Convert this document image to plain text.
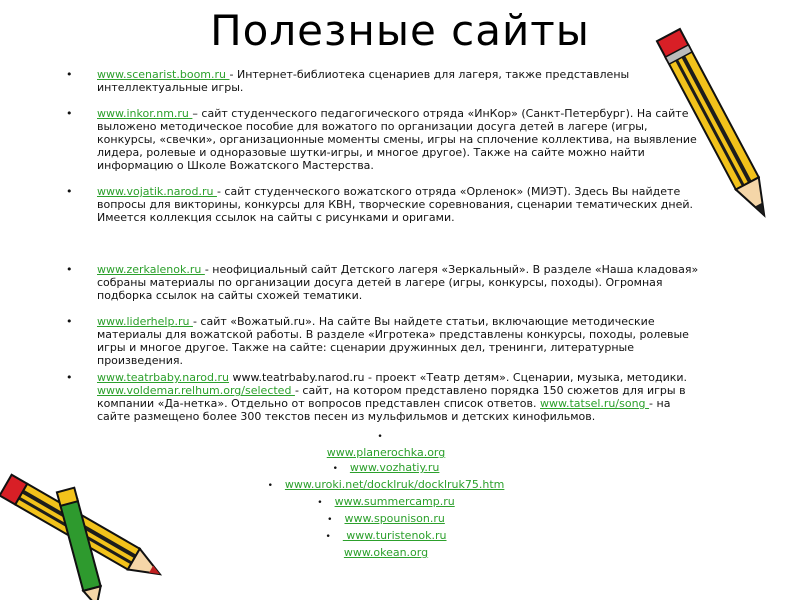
Полезные сайты
• www.scenarist.boom.ru - Интернет-библиотека сценариев для лагеря, также представлены интеллектуальные игры.
• www.inkor.nm.ru – сайт студенческого педагогического отряда «ИнКор» (Санкт-Петербург). На сайте выложено методическое пособие для вожатого по организации досуга детей в лагере (игры, конкурсы, «свечки», организационные моменты смены, игры на сплочение коллектива, на выявление лидера, ролевые и одноразовые шутки-игры, и многое другое). Также на сайте можно найти информацию о Школе Вожатского Мастерства.
• www.vojatik.narod.ru - сайт студенческого вожатского отряда «Орленок» (МИЭТ). Здесь Вы найдете вопросы для викторины, конкурсы для КВН, творческие соревнования, сценарии тематических дней. Имеется коллекция ссылок на сайты с рисунками и оригами.
• www.zerkalenok.ru - неофициальный сайт Детского лагеря «Зеркальный». В разделе «Наша кладовая» собраны материалы по организации досуга детей в лагере (игры, конкурсы, походы). Огромная подборка ссылок на сайты схожей тематики.
• www.liderhelp.ru - сайт «Вожатый.ru». На сайте Вы найдете статьи, включающие методические материалы для вожатской работы. В разделе «Игротека» представлены конкурсы, походы, ролевые игры и многое другое. Также на сайте: сценарии дружинных дел, тренинги, литературные произведения.
• www.teatrbaby.narod.ru www.teatrbaby.narod.ru - проект «Театр детям». Сценарии, музыка, методики. www.voldemar.relhum.org/selected - сайт, на котором представлено порядка 150 сюжетов для игры в компании «Да-нетка». Отдельно от вопросов представлен список ответов. www.tatsel.ru/song - на сайте размещено более 300 текстов песен из мульфильмов и детских кинофильмов.
•
www.planerochka.org
• www.vozhatiy.ru
• www.uroki.net/docklruk/docklruk75.htm
• www.summercamp.ru
• www.spounison.ru
• www.turistenok.ru
www.okean.org
